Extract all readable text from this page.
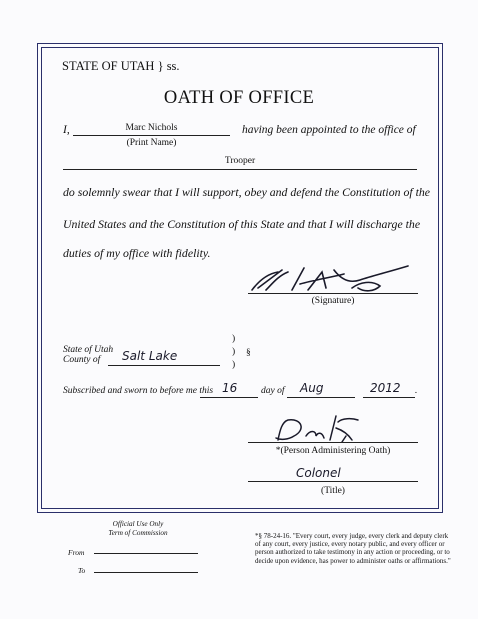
STATE OF UTAH } ss.
OATH OF OFFICE
I,	Marc Nichols
(Print Name)
having been appointed to the office of
Trooper
do solemnly swear that I will support, obey and defend the Constitution of the
United States and the Constitution of this State and that I will discharge the
duties of my office with fidelity.
(Signature)
State of Utah
County of Salt Lake
)
)
)
§
Subscribed and sworn to before me this 16 day of Aug	2012 .
*(Person Administering Oath)
Colonel
(Title)
Official Use Only
Term of Commission
From
To
*§ 78-24-16. "Every court, every judge, every clerk and deputy clerk of any court, every justice, every notary public, and every officer or person authorized to take testimony in any action or proceeding, or to decide upon evidence, has power to administer oaths or affirmations."
